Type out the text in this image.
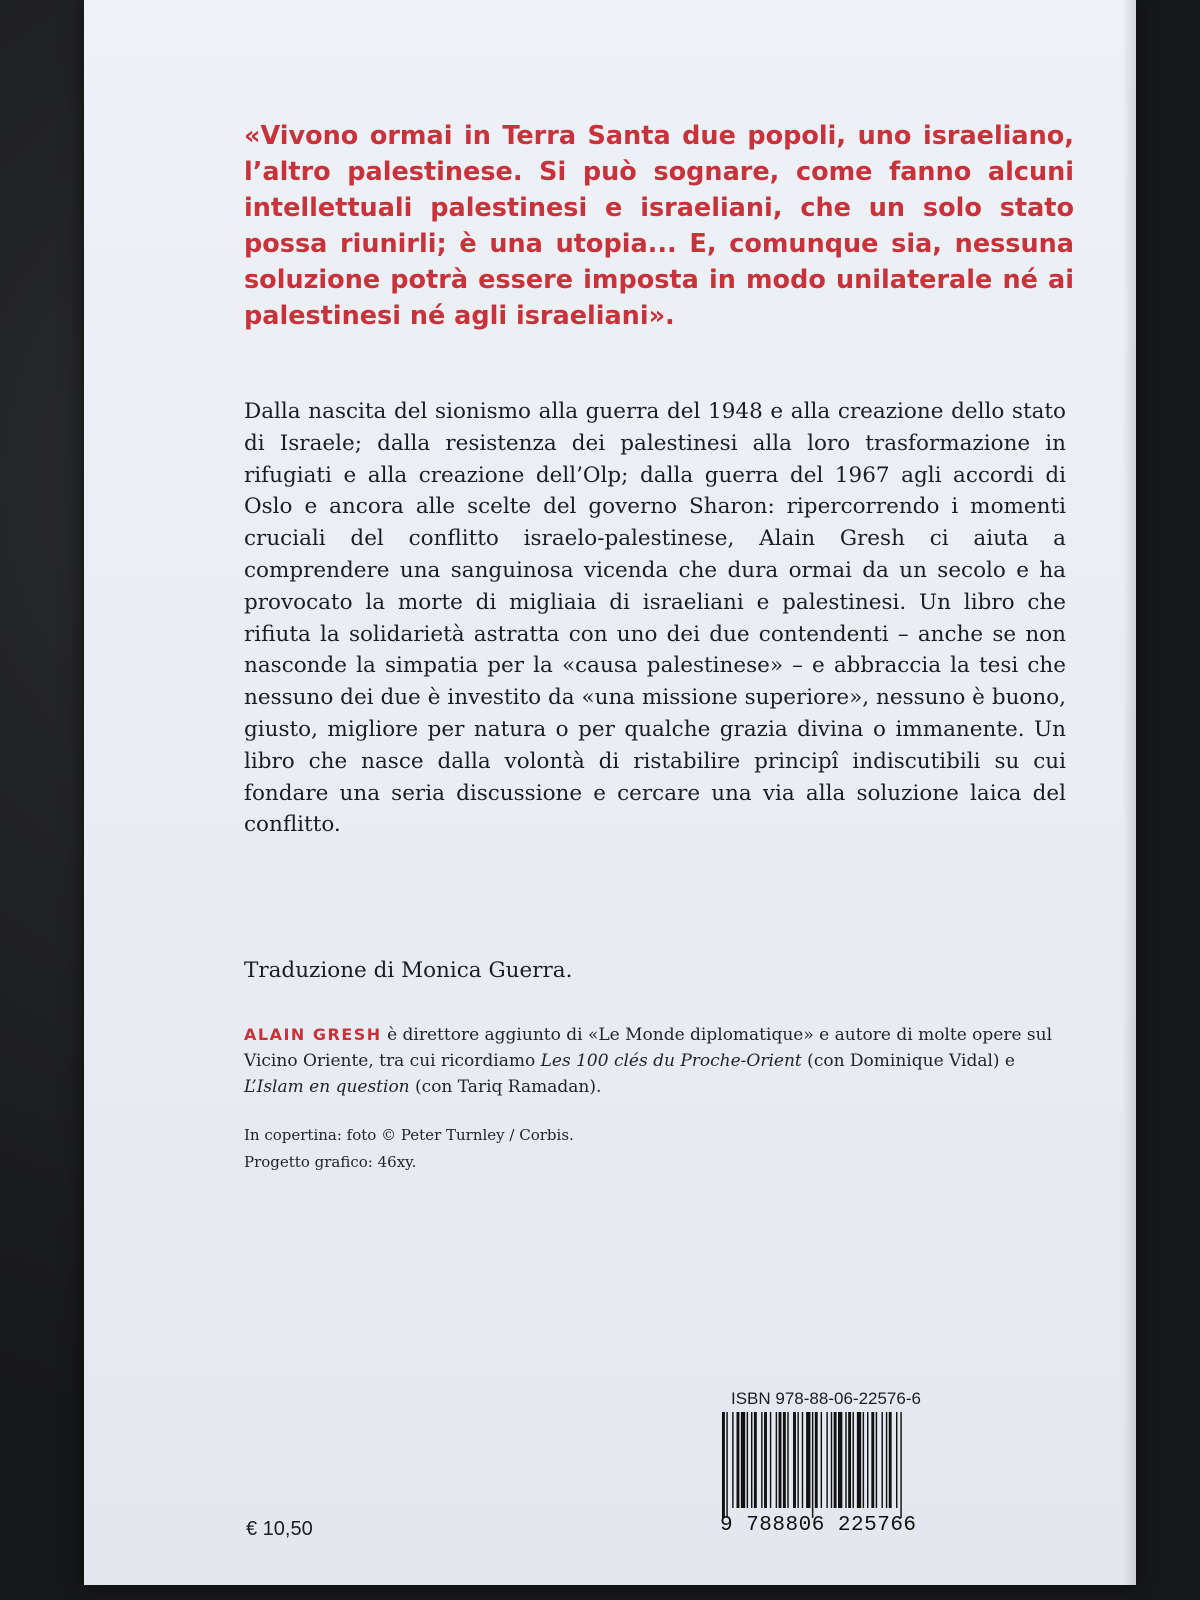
«Vivono ormai in Terra Santa due popoli, uno israeliano, l’altro palestinese. Si può sognare, come fanno alcuni intellettuali palestinesi e israeliani, che un solo stato possa riunirli; è una utopia... E, comunque sia, nessuna soluzione potrà essere imposta in modo unilaterale né ai palestinesi né agli israeliani».
Dalla nascita del sionismo alla guerra del 1948 e alla creazione dello stato di Israele; dalla resistenza dei palestinesi alla loro trasformazione in rifugiati e alla creazione dell’Olp; dalla guerra del 1967 agli accordi di Oslo e ancora alle scelte del governo Sharon: ripercorrendo i momenti cruciali del conflitto israelo-palestinese, Alain Gresh ci aiuta a comprendere una sanguinosa vicenda che dura ormai da un secolo e ha provocato la morte di migliaia di israeliani e palestinesi. Un libro che rifiuta la solidarietà astratta con uno dei due contendenti – anche se non nasconde la simpatia per la «causa palestinese» – e abbraccia la tesi che nessuno dei due è investito da «una missione superiore», nessuno è buono, giusto, migliore per natura o per qualche grazia divina o immanente. Un libro che nasce dalla volontà di ristabilire principî indiscutibili su cui fondare una seria discussione e cercare una via alla soluzione laica del conflitto.
Traduzione di Monica Guerra.
ALAIN GRESH è direttore aggiunto di «Le Monde diplomatique» e autore di molte opere sul Vicino Oriente, tra cui ricordiamo Les 100 clés du Proche-Orient (con Dominique Vidal) e L’Islam en question (con Tariq Ramadan).
In copertina: foto © Peter Turnley / Corbis.
Progetto grafico: 46xy.
€ 10,50
ISBN 978-88-06-22576-6
9 788806 225766
